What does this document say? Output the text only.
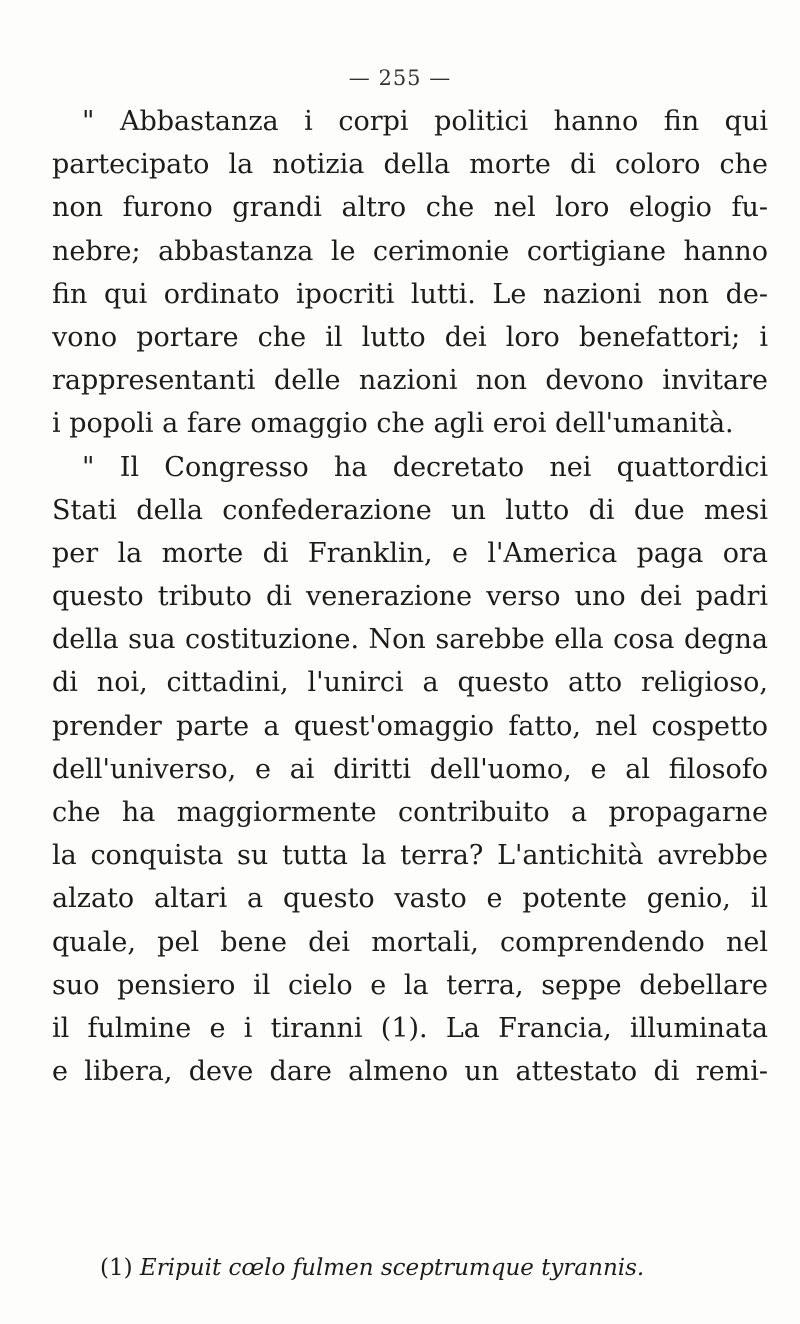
— 255 —
" Abbastanza i corpi politici hanno fin qui
partecipato la notizia della morte di coloro che
non furono grandi altro che nel loro elogio fu-
nebre; abbastanza le cerimonie cortigiane hanno
fin qui ordinato ipocriti lutti. Le nazioni non de-
vono portare che il lutto dei loro benefattori; i
rappresentanti delle nazioni non devono invitare
i popoli a fare omaggio che agli eroi dell'umanità.
" Il Congresso ha decretato nei quattordici
Stati della confederazione un lutto di due mesi
per la morte di Franklin, e l'America paga ora
questo tributo di venerazione verso uno dei padri
della sua costituzione. Non sarebbe ella cosa degna
di noi, cittadini, l'unirci a questo atto religioso,
prender parte a quest'omaggio fatto, nel cospetto
dell'universo, e ai diritti dell'uomo, e al filosofo
che ha maggiormente contribuito a propagarne
la conquista su tutta la terra? L'antichità avrebbe
alzato altari a questo vasto e potente genio, il
quale, pel bene dei mortali, comprendendo nel
suo pensiero il cielo e la terra, seppe debellare
il fulmine e i tiranni (1). La Francia, illuminata
e libera, deve dare almeno un attestato di remi-
(1) Eripuit cœlo fulmen sceptrumque tyrannis.
